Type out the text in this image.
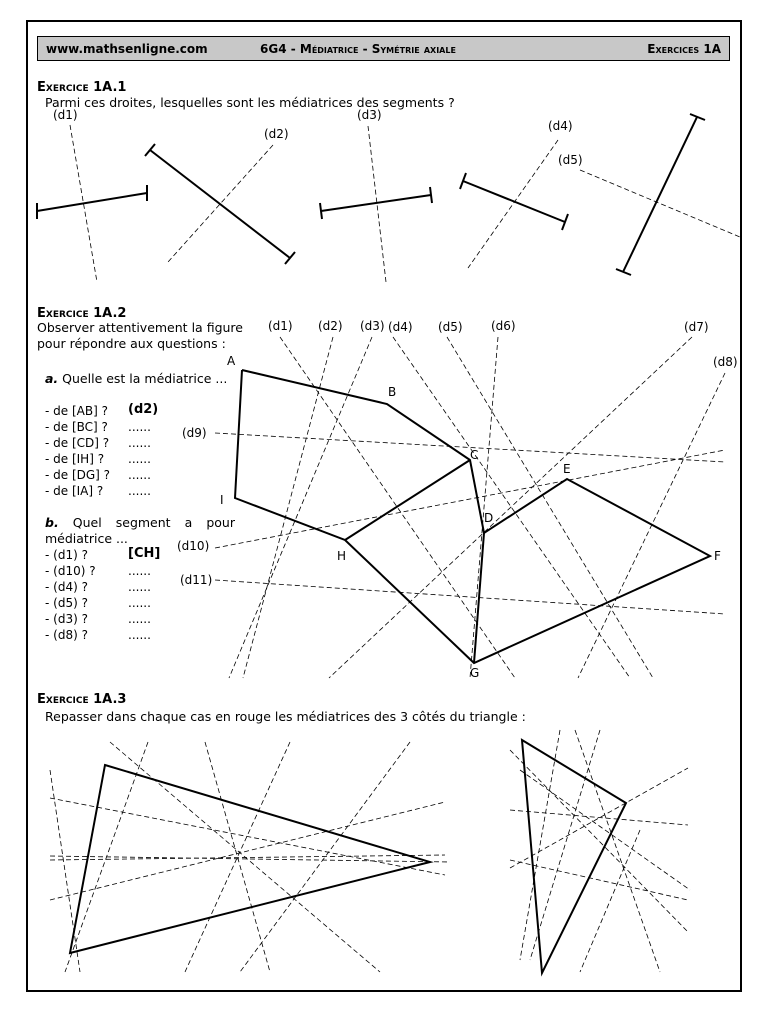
www.mathsenligne.com	6G4 - Médiatrice - Symétrie axiale	Exercices 1A
Exercice 1A.1
Parmi ces droites, lesquelles sont les médiatrices des segments ?
(d1)
(d2)
(d3)
(d4)
(d5)
Exercice 1A.2
Observer attentivement la figure pour répondre aux questions :
a. Quelle est la médiatrice ...
- de [AB] ? (d2)
- de [BC] ? ......
- de [CD] ? ......
- de [IH] ? ......
- de [DG] ? ......
- de [IA] ? ......
b. Quel segment a pour médiatrice ...
- (d1) ?	[CH]
- (d10) ?	......
- (d4) ?	......
- (d5) ?	......
- (d3) ?	......
- (d8) ?	......
(d1) (d2) (d3) (d4) (d5) (d6)	(d7)
(d8)
(d9)
(d10)
(d11)
A
B
C
D
E
F
G
H
I
Exercice 1A.3
Repasser dans chaque cas en rouge les médiatrices des 3 côtés du triangle :
